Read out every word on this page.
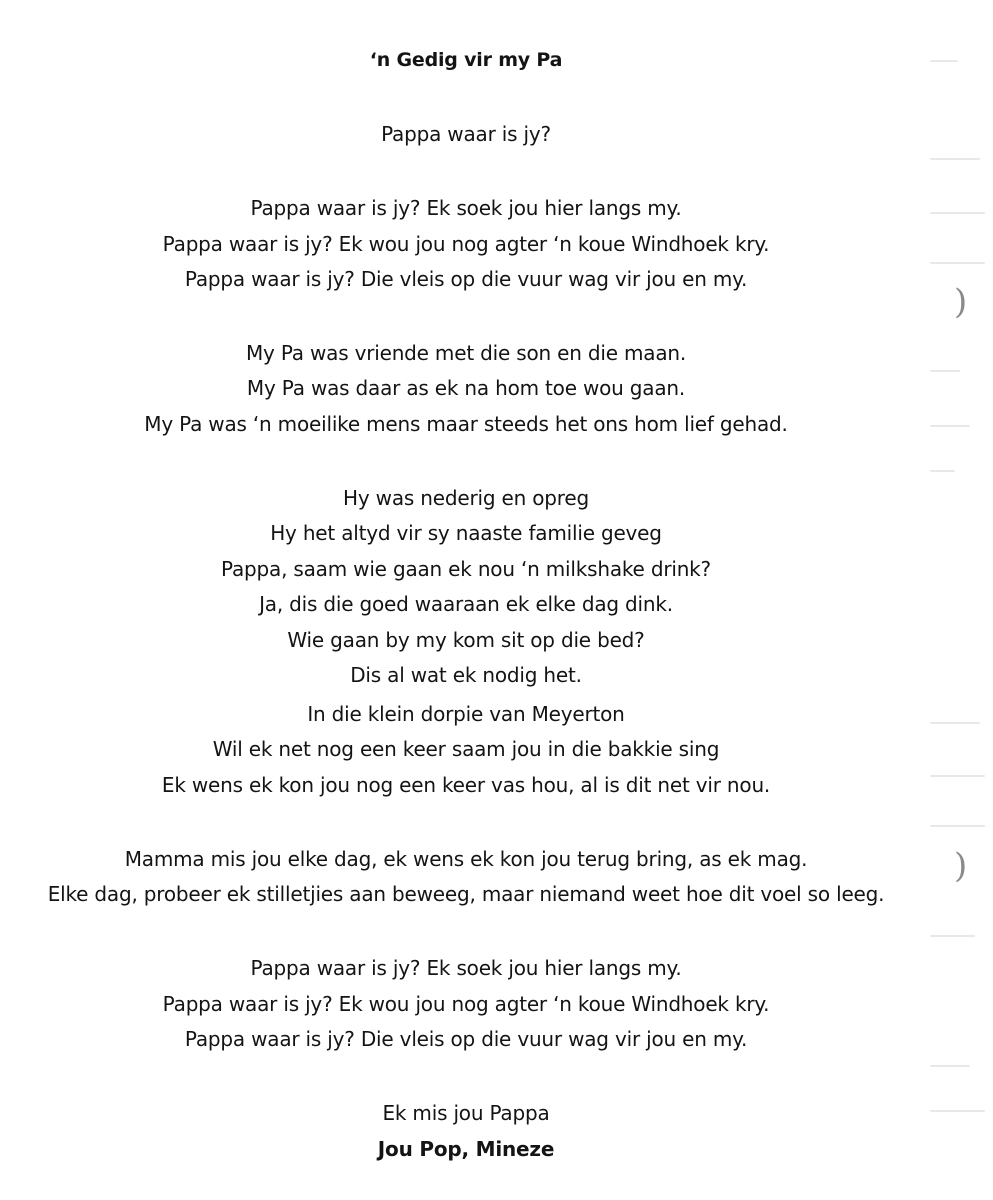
‘n Gedig vir my Pa
Pappa waar is jy?
Pappa waar is jy? Ek soek jou hier langs my.
Pappa waar is jy? Ek wou jou nog agter ‘n koue Windhoek kry.
Pappa waar is jy? Die vleis op die vuur wag vir jou en my.
My Pa was vriende met die son en die maan.
My Pa was daar as ek na hom toe wou gaan.
My Pa was ‘n moeilike mens maar steeds het ons hom lief gehad.
Hy was nederig en opreg
Hy het altyd vir sy naaste familie geveg
Pappa, saam wie gaan ek nou ‘n milkshake drink?
Ja, dis die goed waaraan ek elke dag dink.
Wie gaan by my kom sit op die bed?
Dis al wat ek nodig het.
In die klein dorpie van Meyerton
Wil ek net nog een keer saam jou in die bakkie sing
Ek wens ek kon jou nog een keer vas hou, al is dit net vir nou.
Mamma mis jou elke dag, ek wens ek kon jou terug bring, as ek mag.
Elke dag, probeer ek stilletjies aan beweeg, maar niemand weet hoe dit voel so leeg.
Pappa waar is jy? Ek soek jou hier langs my.
Pappa waar is jy? Ek wou jou nog agter ‘n koue Windhoek kry.
Pappa waar is jy? Die vleis op die vuur wag vir jou en my.
Ek mis jou Pappa
Jou Pop, Mineze
)
)
